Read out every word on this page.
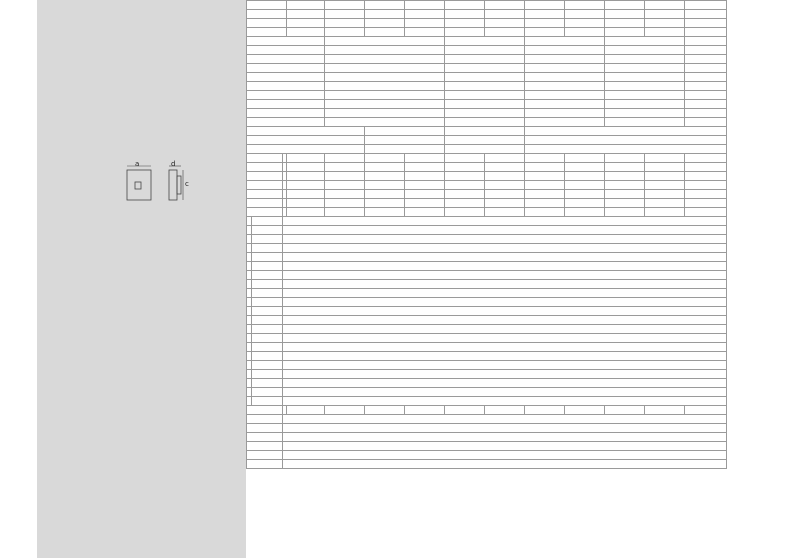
a	d
c
